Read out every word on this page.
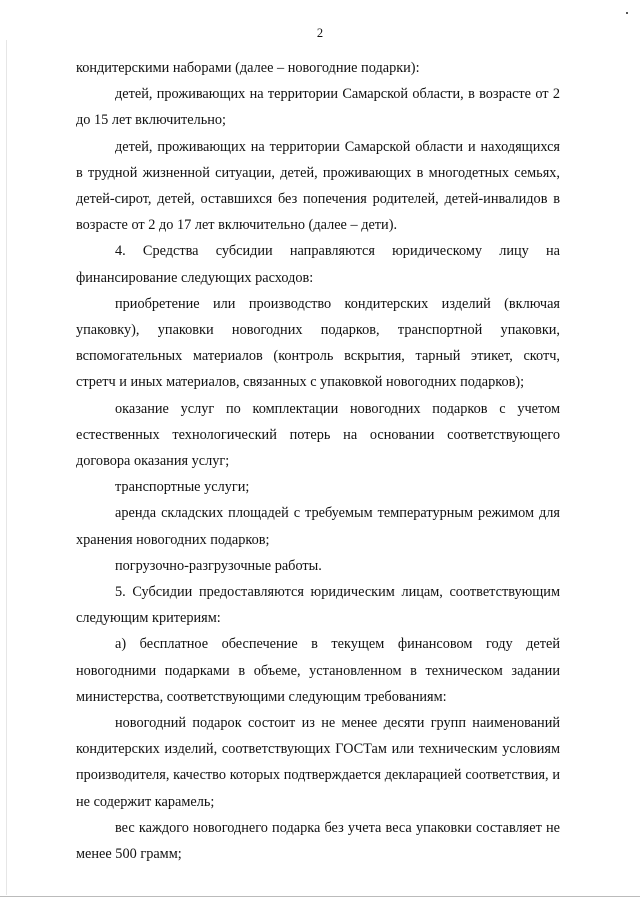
2

кондитерскими наборами (далее – новогодние подарки):

детей, проживающих на территории Самарской области, в возрасте от 2 до 15 лет включительно;

детей, проживающих на территории Самарской области и находящихся в трудной жизненной ситуации, детей, проживающих в многодетных семьях, детей-сирот, детей, оставшихся без попечения родителей, детей-инвалидов в возрасте от 2 до 17 лет включительно (далее – дети).

4. Средства субсидии направляются юридическому лицу на финансирование следующих расходов:

приобретение или производство кондитерских изделий (включая упаковку), упаковки новогодних подарков, транспортной упаковки, вспомогательных материалов (контроль вскрытия, тарный этикет, скотч, стретч и иных материалов, связанных с упаковкой новогодних подарков);

оказание услуг по комплектации новогодних подарков с учетом естественных технологический потерь на основании соответствующего договора оказания услуг;

транспортные услуги;

аренда складских площадей с требуемым температурным режимом для хранения новогодних подарков;

погрузочно-разгрузочные работы.

5. Субсидии предоставляются юридическим лицам, соответствующим следующим критериям:

а) бесплатное обеспечение в текущем финансовом году детей новогодними подарками в объеме, установленном в техническом задании министерства, соответствующими следующим требованиям:

новогодний подарок состоит из не менее десяти групп наименований кондитерских изделий, соответствующих ГОСТам или техническим условиям производителя, качество которых подтверждается декларацией соответствия, и не содержит карамель;

вес каждого новогоднего подарка без учета веса упаковки составляет не менее 500 грамм;
